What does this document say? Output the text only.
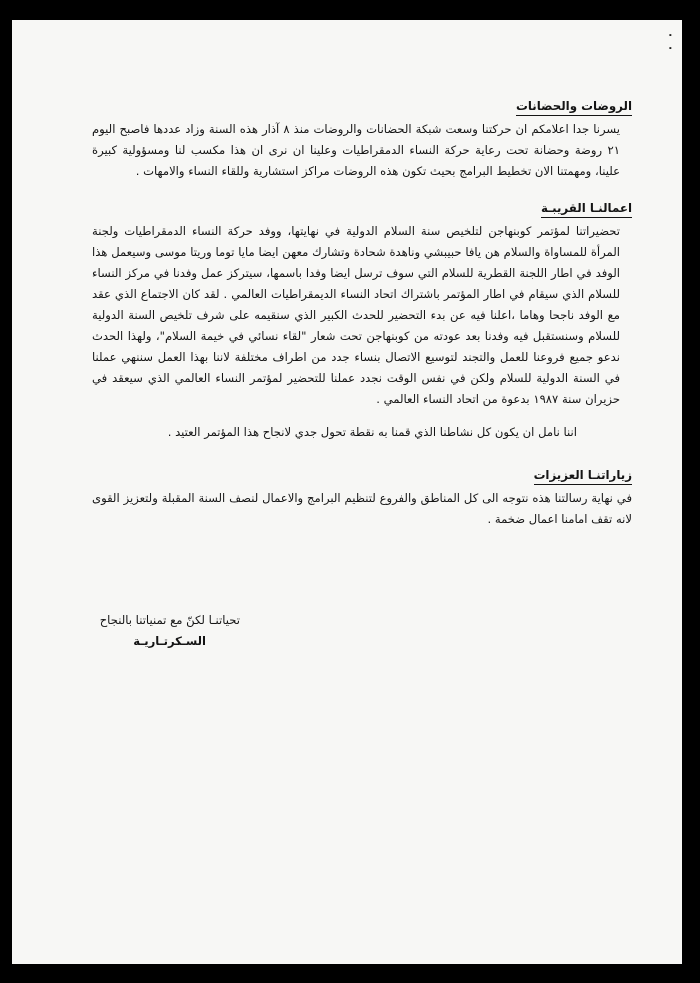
٠
٠
الروضات والحضانات

يسرنا جدا اعلامكم ان حركتنا وسعت شبكة الحضانات والروضات منذ ٨ آذار هذه السنة وزاد عددها فاصبح اليوم ٢١ روضة وحضانة تحت رعاية حركة النساء الدمقراطيات وعلينا ان نرى ان هذا مكسب لنا ومسؤولية كبيرة علينا، ومهمتنا الان تخطيط البرامج بحيث تكون هذه الروضات مراكز استشارية وللقاء النساء والامهات .

اعمالنـا القريبـة

تحضيراتنا لمؤتمر كوبنهاجن لتلخيص سنة السلام الدولية في نهايتها، ووفد حركة النساء الدمقراطيات ولجنة المرأة للمساواة والسلام هن يافا حبيبشي وناهدة شحادة وتشارك معهن ايضا مايا توما وريتا موسى وسيعمل هذا الوفد في اطار اللجنة القطرية للسلام التي سوف ترسل ايضا وفدا باسمها، سيتركز عمل وفدنا في مركز النساء للسلام الذي سيقام في اطار المؤتمر باشتراك اتحاد النساء الديمقراطيات العالمي . لقد كان الاجتماع الذي عقد مع الوفد ناجحا وهاما ،اعلنا فيه عن بدء التحضير للحدث الكبير الذي سنقيمه على شرف تلخيص السنة الدولية للسلام وسنستقبل فيه وفدنا بعد عودته من كوبنهاجن تحت شعار "لقاء نسائي في خيمة السلام"، ولهذا الحدث ندعو جميع فروعنا للعمل والتجند لتوسيع الاتصال بنساء جدد من اطراف مختلفة لاننا بهذا العمل سننهي عملنا في السنة الدولية للسلام ولكن في نفس الوقت نجدد عملنا للتحضير لمؤتمر النساء العالمي الذي سيعقد في حزيران سنة ١٩٨٧ بدعوة من اتحاد النساء العالمي .

اننا نامل ان يكون كل نشاطنا الذي قمنا به نقطة تحول جدي لانجاح هذا المؤتمر العتيد .

زياراتنـا العزيزات

في نهاية رسالتنا هذه نتوجه الى كل المناطق والفروع لتنظيم البرامج والاعمال لنصف السنة المقبلة ولتعزيز القوى لانه تقف امامنا اعمال ضخمة .

تحياتنـا لكنّ مع تمنياتنا بالنجاح
السـكرتـاريـة
